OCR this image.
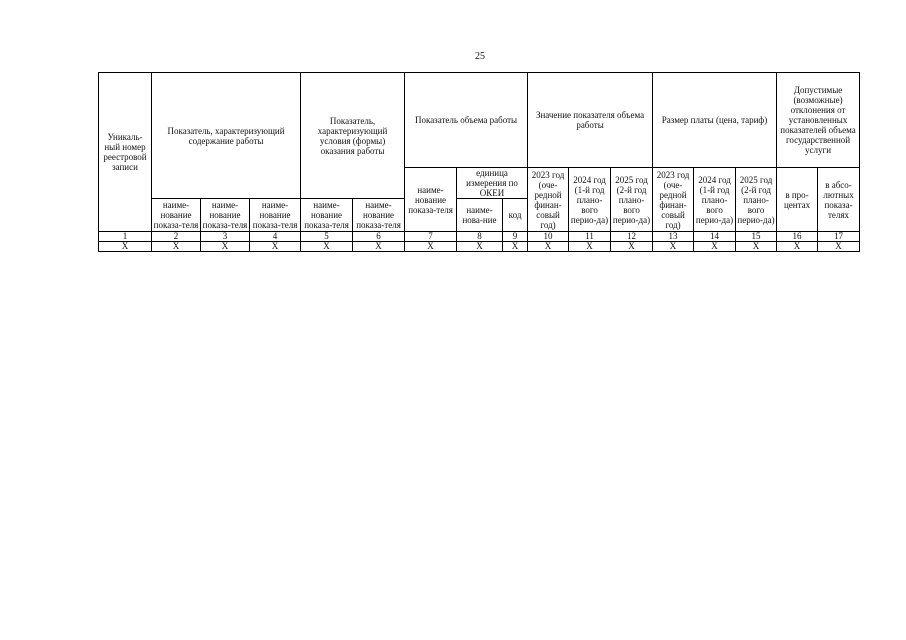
25
Уникаль-ный номер реестровой записи	Показатель, характеризующий содержание работы			Показатель, характеризующий условия (формы) оказания работы		Показатель объема работы			Значение показателя объема работы			Размер платы (цена, тариф)			Допустимые (возможные) отклонения от установленных показателей объема государственной услуги	
						наиме-нование показа-теля	единица измерения по ОКЕИ		2023 год (оче-редной финан-совый год)	2024 год (1-й год плано-вого перио-да)	2025 год (2-й год плано-вого перио-да)	2023 год (оче-редной финан-совый год)	2024 год (1-й год плано-вого перио-да)	2025 год (2-й год плано-вого перио-да)	в про-центах	в абсо-лютных показа-телях
							наиме-нова-ние	код								
	наиме-нование показа-теля	наиме-нование показа-теля	наиме-нование показа-теля	наиме-нование показа-теля	наиме-нование показа-теля											

1	2	3	4	5	6	7	8	9	10	11	12	13	14	15	16	17
X	X	X	X	X	X	X	X	X	X	X	X	X	X	X	X	X
